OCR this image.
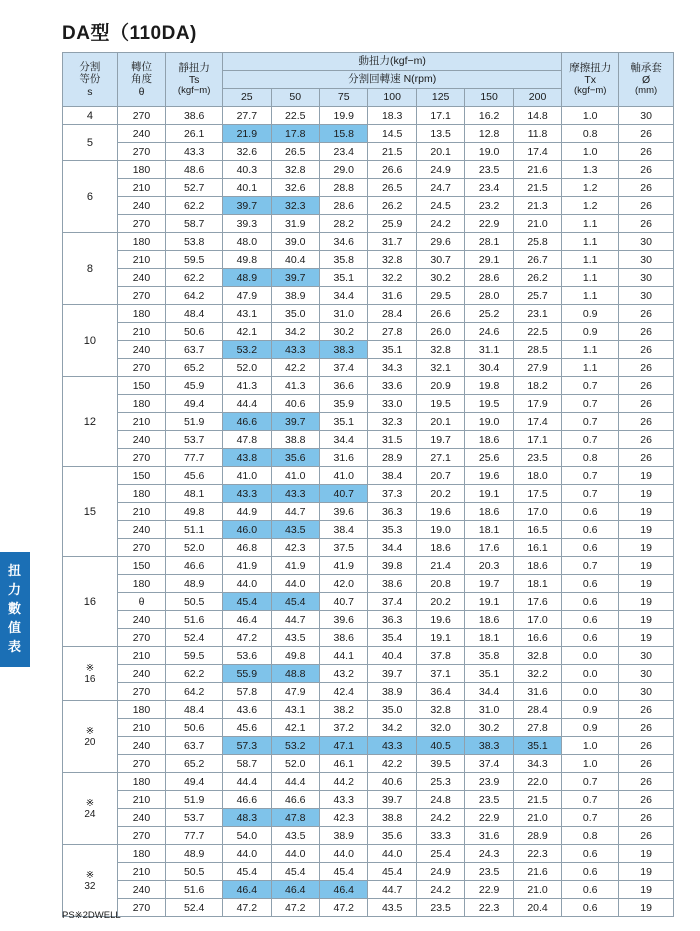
扭
力
數
值
表
DA型（110DA)
分割
等份
s

轉位
角度
θ

靜扭力
Ts
(kgf−m)
	動扭力(kgf−m)	
摩擦扭力
Tx
(kgf−m)

軸承套
Ø
(mm)

			分割回轉速 N(rpm)								
			25	50	75	100	125	150	200		
4	270	38.6	27.7	22.5	19.9	18.3	17.1	16.2	14.8	1.0	30
5	240	26.1	21.9	17.8	15.8	14.5	13.5	12.8	11.8	0.8	26
	270	43.3	32.6	26.5	23.4	21.5	20.1	19.0	17.4	1.0	26
6	180	48.6	40.3	32.8	29.0	26.6	24.9	23.5	21.6	1.3	26
	210	52.7	40.1	32.6	28.8	26.5	24.7	23.4	21.5	1.2	26
	240	62.2	39.7	32.3	28.6	26.2	24.5	23.2	21.3	1.2	26
	270	58.7	39.3	31.9	28.2	25.9	24.2	22.9	21.0	1.1	26
8	180	53.8	48.0	39.0	34.6	31.7	29.6	28.1	25.8	1.1	30
	210	59.5	49.8	40.4	35.8	32.8	30.7	29.1	26.7	1.1	30
	240	62.2	48.9	39.7	35.1	32.2	30.2	28.6	26.2	1.1	30
	270	64.2	47.9	38.9	34.4	31.6	29.5	28.0	25.7	1.1	30
10	180	48.4	43.1	35.0	31.0	28.4	26.6	25.2	23.1	0.9	26
	210	50.6	42.1	34.2	30.2	27.8	26.0	24.6	22.5	0.9	26
	240	63.7	53.2	43.3	38.3	35.1	32.8	31.1	28.5	1.1	26
	270	65.2	52.0	42.2	37.4	34.3	32.1	30.4	27.9	1.1	26
12	150	45.9	41.3	41.3	36.6	33.6	20.9	19.8	18.2	0.7	26
	180	49.4	44.4	40.6	35.9	33.0	19.5	19.5	17.9	0.7	26
	210	51.9	46.6	39.7	35.1	32.3	20.1	19.0	17.4	0.7	26
	240	53.7	47.8	38.8	34.4	31.5	19.7	18.6	17.1	0.7	26
	270	77.7	43.8	35.6	31.6	28.9	27.1	25.6	23.5	0.8	26
15	150	45.6	41.0	41.0	41.0	38.4	20.7	19.6	18.0	0.7	19
	180	48.1	43.3	43.3	40.7	37.3	20.2	19.1	17.5	0.7	19
	210	49.8	44.9	44.7	39.6	36.3	19.6	18.6	17.0	0.6	19
	240	51.1	46.0	43.5	38.4	35.3	19.0	18.1	16.5	0.6	19
	270	52.0	46.8	42.3	37.5	34.4	18.6	17.6	16.1	0.6	19
16	150	46.6	41.9	41.9	41.9	39.8	21.4	20.3	18.6	0.7	19
	180	48.9	44.0	44.0	42.0	38.6	20.8	19.7	18.1	0.6	19
	θ	50.5	45.4	45.4	40.7	37.4	20.2	19.1	17.6	0.6	19
	240	51.6	46.4	44.7	39.6	36.3	19.6	18.6	17.0	0.6	19
	270	52.4	47.2	43.5	38.6	35.4	19.1	18.1	16.6	0.6	19

※
16	210	59.5	53.6	49.8	44.1	40.4	37.8	35.8	32.8	0.0	30
	240	62.2	55.9	48.8	43.2	39.7	37.1	35.1	32.2	0.0	30
	270	64.2	57.8	47.9	42.4	38.9	36.4	34.4	31.6	0.0	30

※
20	180	48.4	43.6	43.1	38.2	35.0	32.8	31.0	28.4	0.9	26
	210	50.6	45.6	42.1	37.2	34.2	32.0	30.2	27.8	0.9	26
	240	63.7	57.3	53.2	47.1	43.3	40.5	38.3	35.1	1.0	26
	270	65.2	58.7	52.0	46.1	42.2	39.5	37.4	34.3	1.0	26

※
24	180	49.4	44.4	44.4	44.2	40.6	25.3	23.9	22.0	0.7	26
	210	51.9	46.6	46.6	43.3	39.7	24.8	23.5	21.5	0.7	26
	240	53.7	48.3	47.8	42.3	38.8	24.2	22.9	21.0	0.7	26
	270	77.7	54.0	43.5	38.9	35.6	33.3	31.6	28.9	0.8	26

※
32	180	48.9	44.0	44.0	44.0	44.0	25.4	24.3	22.3	0.6	19
	210	50.5	45.4	45.4	45.4	45.4	24.9	23.5	21.6	0.6	19
	240	51.6	46.4	46.4	46.4	44.7	24.2	22.9	21.0	0.6	19
	270	52.4	47.2	47.2	47.2	43.5	23.5	22.3	20.4	0.6	19
PS※2DWELL
